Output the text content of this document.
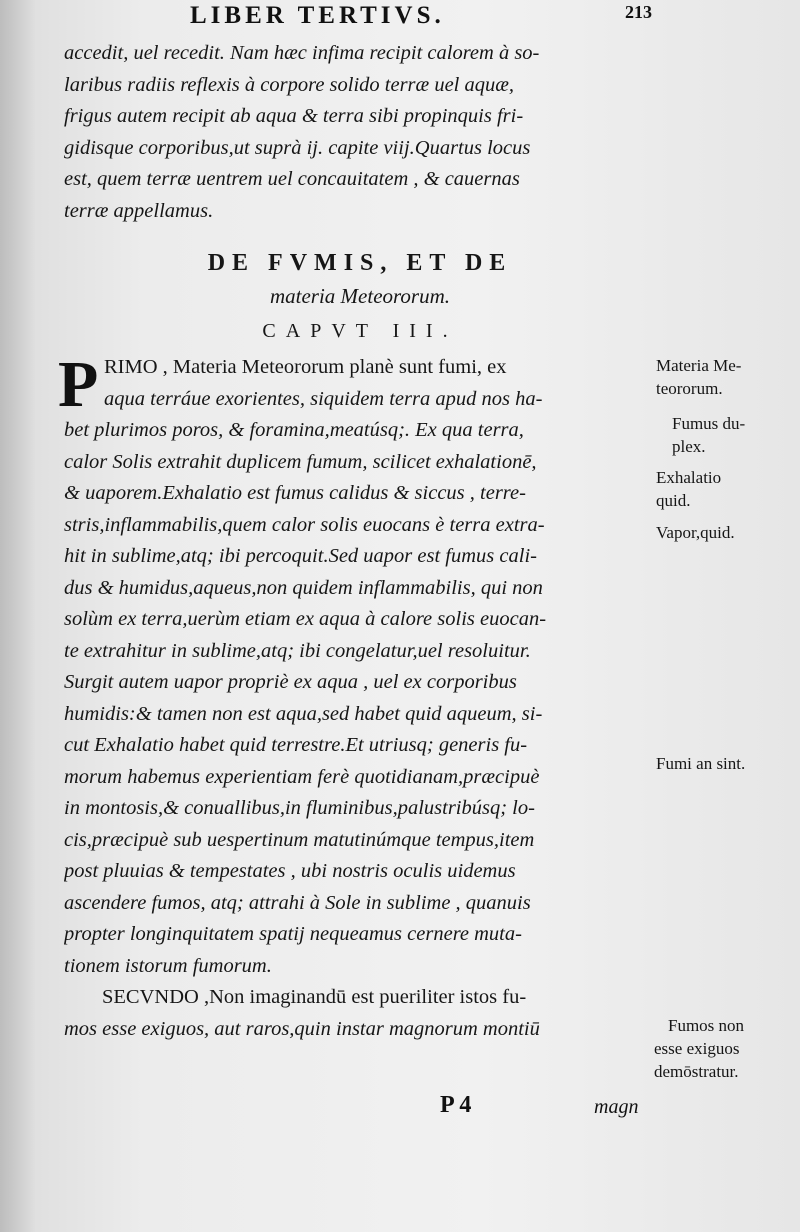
LIBER TERTIVS.	213
accedit, uel recedit. Nam hæc infima recipit calorem à so-
laribus radiis reflexis à corpore solido terræ uel aquæ,
frigus autem recipit ab aqua & terra sibi propinquis fri-
gidisque corporibus,ut suprà ij. capite viij.Quartus locus
est, quem terræ uentrem uel concauitatem , & cauernas
terræ appellamus.
DE FVMIS, ET DE
materia Meteororum.
CAPVT III.
P RIMO , Materia Meteororum planè sunt fumi, ex
aqua terráue exorientes, siquidem terra apud nos ha-
bet plurimos poros, & foramina,meatúsq;. Ex qua terra,
calor Solis extrahit duplicem fumum, scilicet exhalationē,
& uaporem.Exhalatio est fumus calidus & siccus , terre-
stris,inflammabilis,quem calor solis euocans è terra extra-
hit in sublime,atq; ibi percoquit.Sed uapor est fumus cali-
dus & humidus,aqueus,non quidem inflammabilis, qui non
solùm ex terra,uerùm etiam ex aqua à calore solis euocan-
te extrahitur in sublime,atq; ibi congelatur,uel resoluitur.
Surgit autem uapor propriè ex aqua , uel ex corporibus
humidis:& tamen non est aqua,sed habet quid aqueum, si-
cut Exhalatio habet quid terrestre.Et utriusq; generis fu-
morum habemus experientiam ferè quotidianam,præcipuè
in montosis,& conuallibus,in fluminibus,palustribúsq; lo-
cis,præcipuè sub uespertinum matutinúmque tempus,item
post pluuias & tempestates , ubi nostris oculis uidemus
ascendere fumos, atq; attrahi à Sole in sublime , quanuis
propter longinquitatem spatij nequeamus cernere muta-
tionem istorum fumorum.
SECVNDO ,Non imaginandū est pueriliter istos fu-
mos esse exiguos, aut raros,quin instar magnorum montiū
Materia Me-
teororum.
Fumus du-
plex.
Exhalatio
quid.
Vapor,quid.
Fumi an sint.
Fumos non
esse exiguos
demōstratur.
P 4	magn
